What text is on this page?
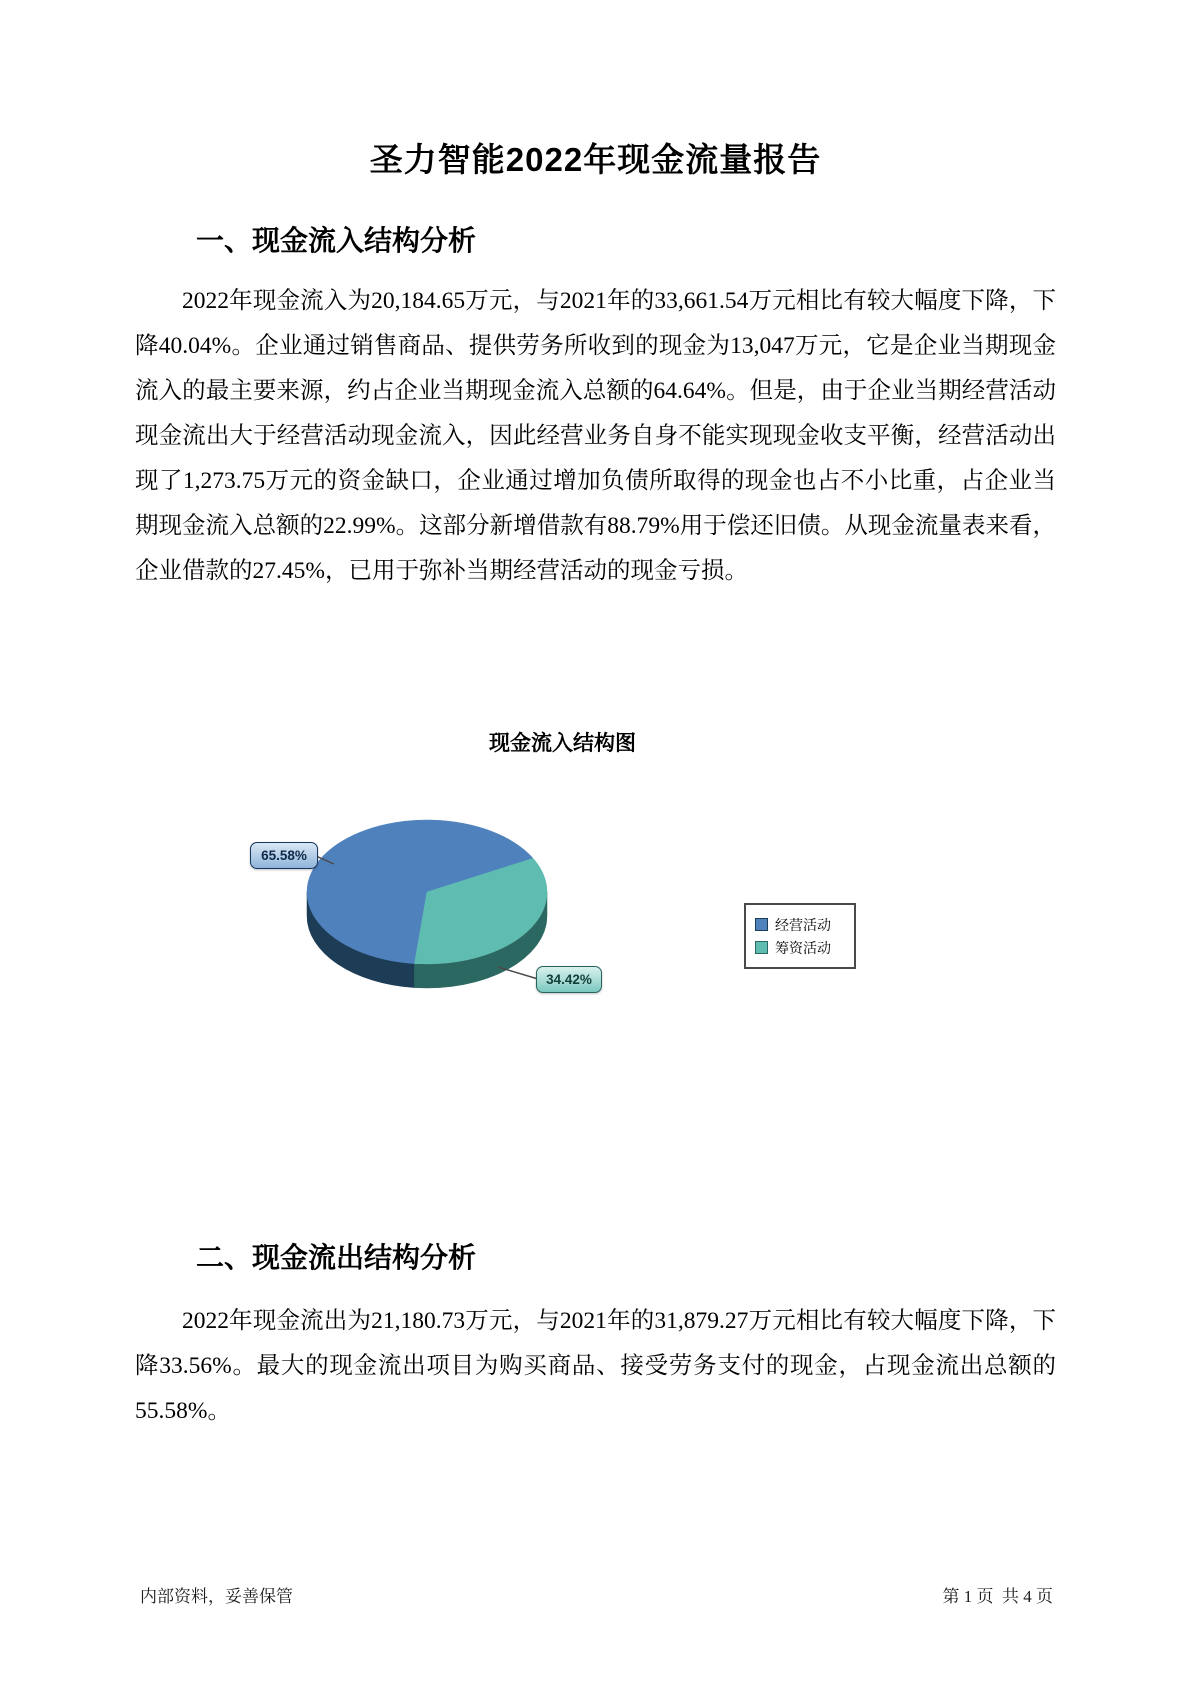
圣力智能2022年现金流量报告
一、现金流入结构分析
2022年现金流入为20,184.65万元，与2021年的33,661.54万元相比有较大幅度下降，下降40.04%。企业通过销售商品、提供劳务所收到的现金为13,047万元，它是企业当期现金流入的最主要来源，约占企业当期现金流入总额的64.64%。但是，由于企业当期经营活动现金流出大于经营活动现金流入，因此经营业务自身不能实现现金收支平衡，经营活动出现了1,273.75万元的资金缺口，企业通过增加负债所取得的现金也占不小比重，占企业当期现金流入总额的22.99%。这部分新增借款有88.79%用于偿还旧债。从现金流量表来看，企业借款的27.45%，已用于弥补当期经营活动的现金亏损。
现金流入结构图
65.58%
34.42%
经营活动
筹资活动
二、现金流出结构分析
2022年现金流出为21,180.73万元，与2021年的31,879.27万元相比有较大幅度下降，下降33.56%。最大的现金流出项目为购买商品、接受劳务支付的现金，占现金流出总额的55.58%。
内部资料，妥善保管	第 1 页  共 4 页
